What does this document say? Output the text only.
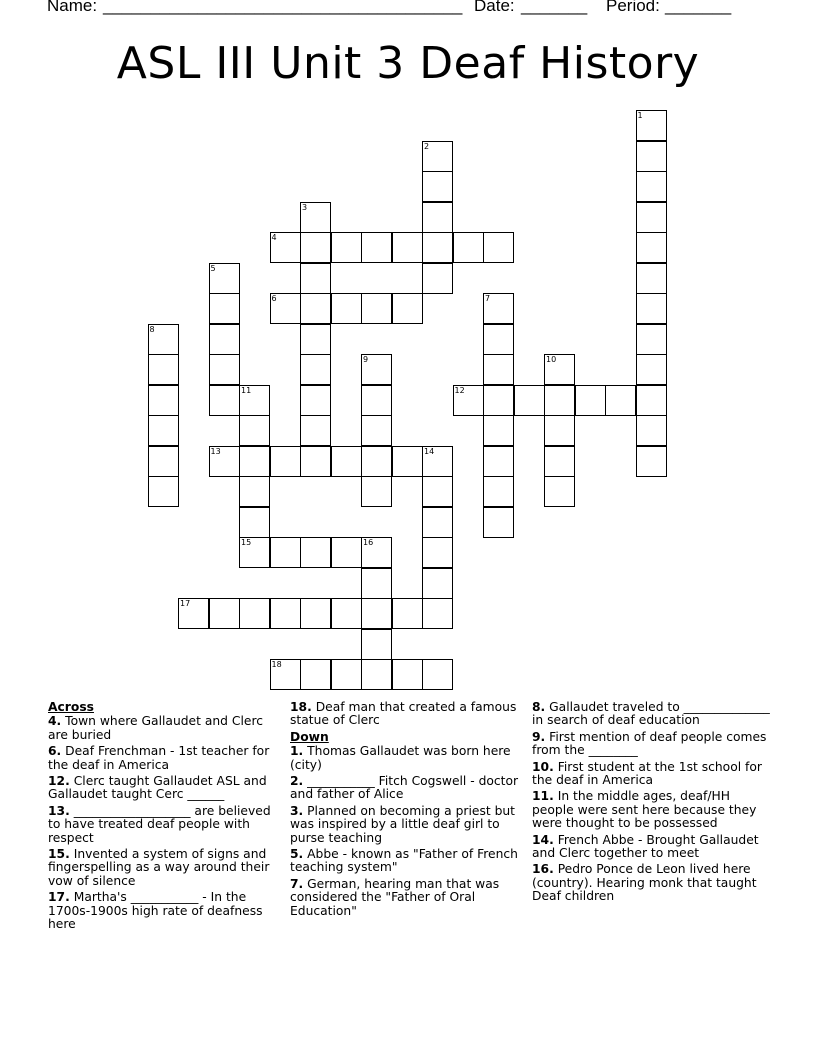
Name: ______________________________________ Date: _______ Period: _______
ASL III Unit 3 Deaf History
1
2
3
4
5
6	7
8
9	10
11	12
13	14
15	16
17
18
Across
4. Town where Gallaudet and Clerc are buried
6. Deaf Frenchman - 1st teacher for the deaf in America
12. Clerc taught Gallaudet ASL and Gallaudet taught Cerc ______
13. ___________________ are believed to have treated deaf people with respect
15. Invented a system of signs and fingerspelling as a way around their vow of silence
17. Martha's ___________ - In the 1700s-1900s high rate of deafness here
18. Deaf man that created a famous statue of Clerc
Down
1. Thomas Gallaudet was born here (city)
2. ___________ Fitch Cogswell - doctor and father of Alice
3. Planned on becoming a priest but was inspired by a little deaf girl to purse teaching
5. Abbe - known as "Father of French teaching system"
7. German, hearing man that was considered the "Father of Oral Education"
8. Gallaudet traveled to ______________ in search of deaf education
9. First mention of deaf people comes from the ________
10. First student at the 1st school for the deaf in America
11. In the middle ages, deaf/HH people were sent here because they were thought to be possessed
14. French Abbe - Brought Gallaudet and Clerc together to meet
16. Pedro Ponce de Leon lived here (country). Hearing monk that taught Deaf children
